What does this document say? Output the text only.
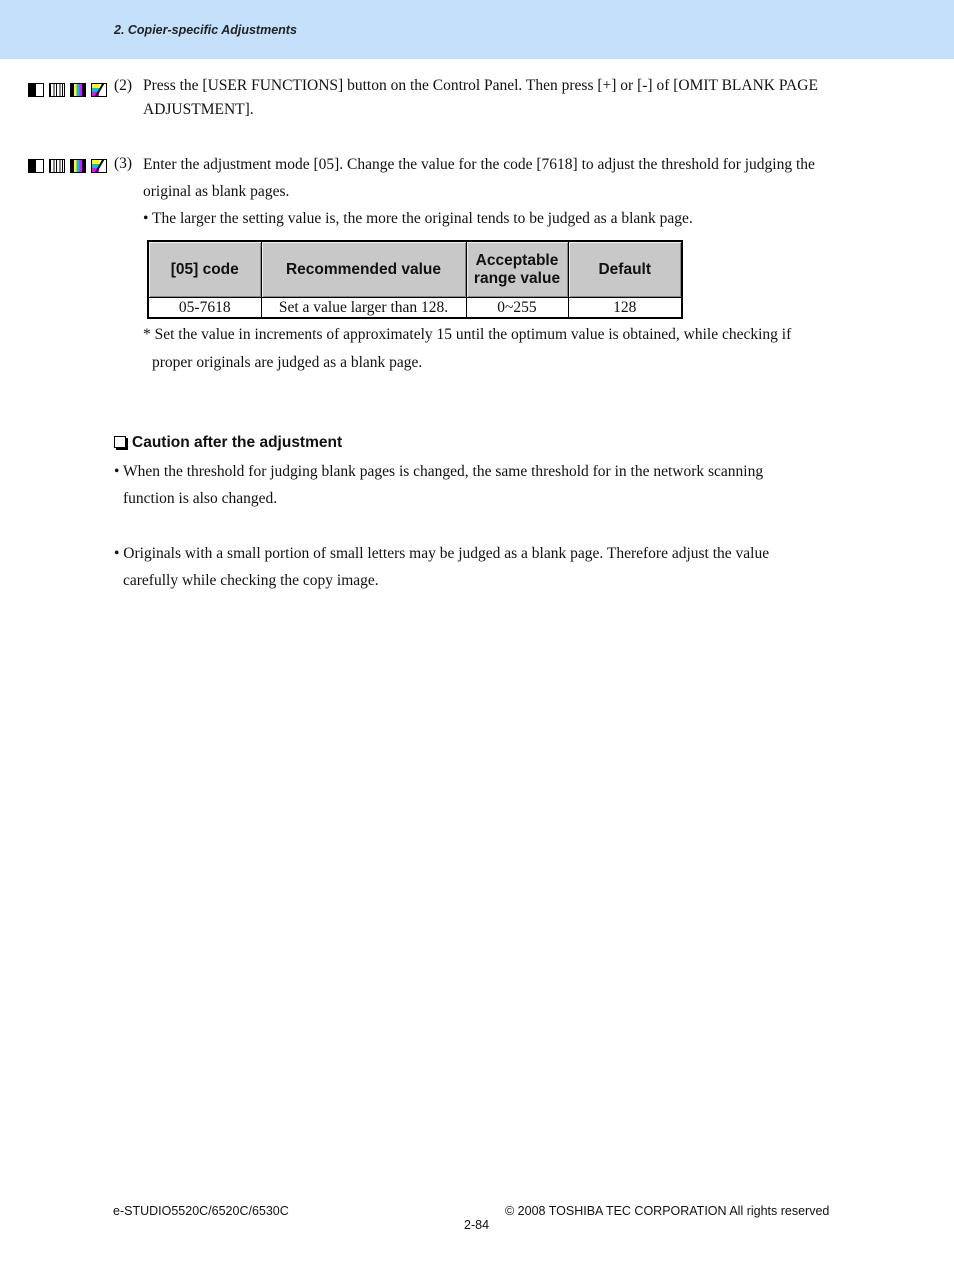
2. Copier-specific Adjustments
(2) Press the [USER FUNCTIONS] button on the Control Panel. Then press [+] or [-] of [OMIT BLANK PAGE
ADJUSTMENT].
(3) Enter the adjustment mode [05]. Change the value for the code [7618] to adjust the threshold for judging the
original as blank pages.
• The larger the setting value is, the more the original tends to be judged as a blank page.
[05] code	Recommended value	Acceptable range value	Default
05-7618	Set a value larger than 128.	0~255	128
* Set the value in increments of approximately 15 until the optimum value is obtained, while checking if
proper originals are judged as a blank page.
Caution after the adjustment
• When the threshold for judging blank pages is changed, the same threshold for in the network scanning
function is also changed.
• Originals with a small portion of small letters may be judged as a blank page. Therefore adjust the value
carefully while checking the copy image.
e-STUDIO5520C/6520C/6530C	© 2008 TOSHIBA TEC CORPORATION All rights reserved
2-84
